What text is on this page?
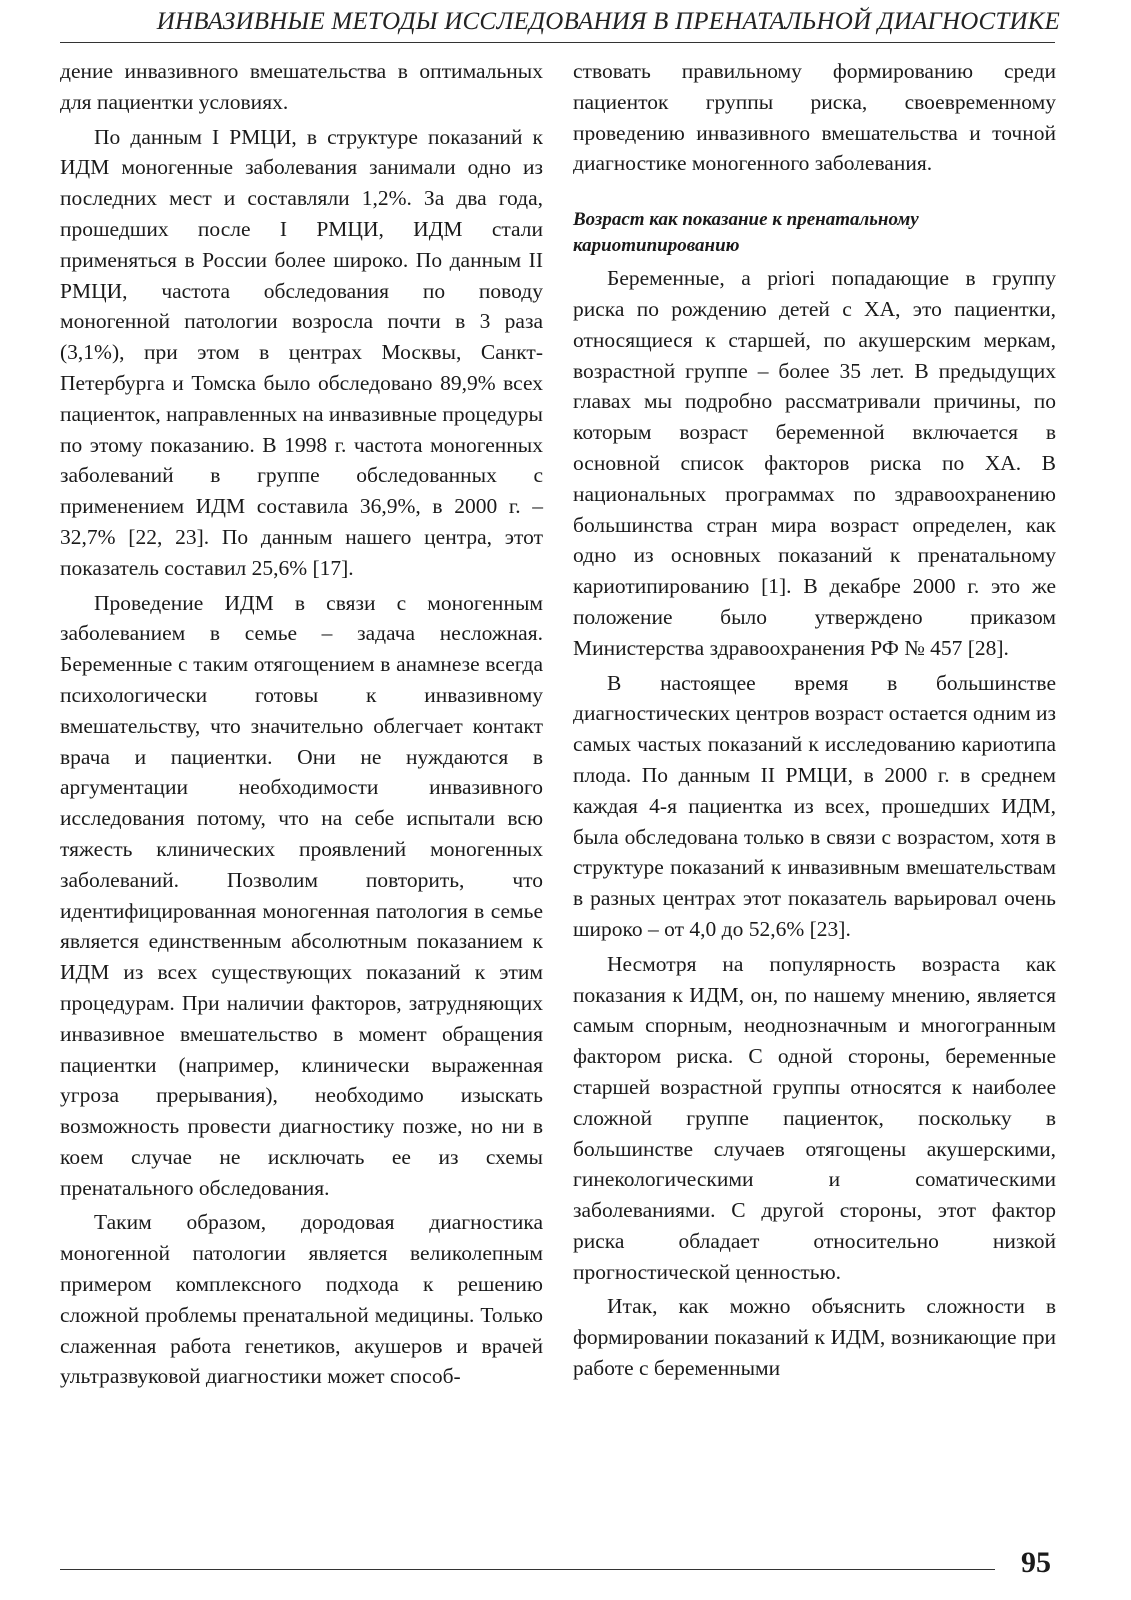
ИНВАЗИВНЫЕ МЕТОДЫ ИССЛЕДОВАНИЯ В ПРЕНАТАЛЬНОЙ ДИАГНОСТИКЕ

дение инвазивного вмешательства в оптимальных для пациентки условиях.

По данным I РМЦИ, в структуре показаний к ИДМ моногенные заболевания занимали одно из последних мест и составляли 1,2%. За два года, прошедших после I РМЦИ, ИДМ стали применяться в России более широко. По данным II РМЦИ, частота обследования по поводу моногенной патологии возросла почти в 3 раза (3,1%), при этом в центрах Москвы, Санкт-Петербурга и Томска было обследовано 89,9% всех пациенток, направленных на инвазивные процедуры по этому показанию. В 1998 г. частота моногенных заболеваний в группе обследованных с применением ИДМ составила 36,9%, в 2000 г. – 32,7% [22, 23]. По данным нашего центра, этот показатель составил 25,6% [17].

Проведение ИДМ в связи с моногенным заболеванием в семье – задача несложная. Беременные с таким отягощением в анамнезе всегда психологически готовы к инвазивному вмешательству, что значительно облегчает контакт врача и пациентки. Они не нуждаются в аргументации необходимости инвазивного исследования потому, что на себе испытали всю тяжесть клинических проявлений моногенных заболеваний. Позволим повторить, что идентифицированная моногенная патология в семье является единственным абсолютным показанием к ИДМ из всех существующих показаний к этим процедурам. При наличии факторов, затрудняющих инвазивное вмешательство в момент обращения пациентки (например, клинически выраженная угроза прерывания), необходимо изыскать возможность провести диагностику позже, но ни в коем случае не исключать ее из схемы пренатального обследования.

Таким образом, дородовая диагностика моногенной патологии является великолепным примером комплексного подхода к решению сложной проблемы пренатальной медицины. Только слаженная работа генетиков, акушеров и врачей ультразвуковой диагностики может способ-

ствовать правильному формированию среди пациенток группы риска, своевременному проведению инвазивного вмешательства и точной диагностике моногенного заболевания.

Возраст как показание к пренатальному кариотипированию

Беременные, a priori попадающие в группу риска по рождению детей с ХА, это пациентки, относящиеся к старшей, по акушерским меркам, возрастной группе – более 35 лет. В предыдущих главах мы подробно рассматривали причины, по которым возраст беременной включается в основной список факторов риска по ХА. В национальных программах по здравоохранению большинства стран мира возраст определен, как одно из основных показаний к пренатальному кариотипированию [1]. В декабре 2000 г. это же положение было утверждено приказом Министерства здравоохранения РФ № 457 [28].

В настоящее время в большинстве диагностических центров возраст остается одним из самых частых показаний к исследованию кариотипа плода. По данным II РМЦИ, в 2000 г. в среднем каждая 4-я пациентка из всех, прошедших ИДМ, была обследована только в связи с возрастом, хотя в структуре показаний к инвазивным вмешательствам в разных центрах этот показатель варьировал очень широко – от 4,0 до 52,6% [23].

Несмотря на популярность возраста как показания к ИДМ, он, по нашему мнению, является самым спорным, неоднозначным и многогранным фактором риска. С одной стороны, беременные старшей возрастной группы относятся к наиболее сложной группе пациенток, поскольку в большинстве случаев отягощены акушерскими, гинекологическими и соматическими заболеваниями. С другой стороны, этот фактор риска обладает относительно низкой прогностической ценностью.

Итак, как можно объяснить сложности в формировании показаний к ИДМ, возникающие при работе с беременными

95
